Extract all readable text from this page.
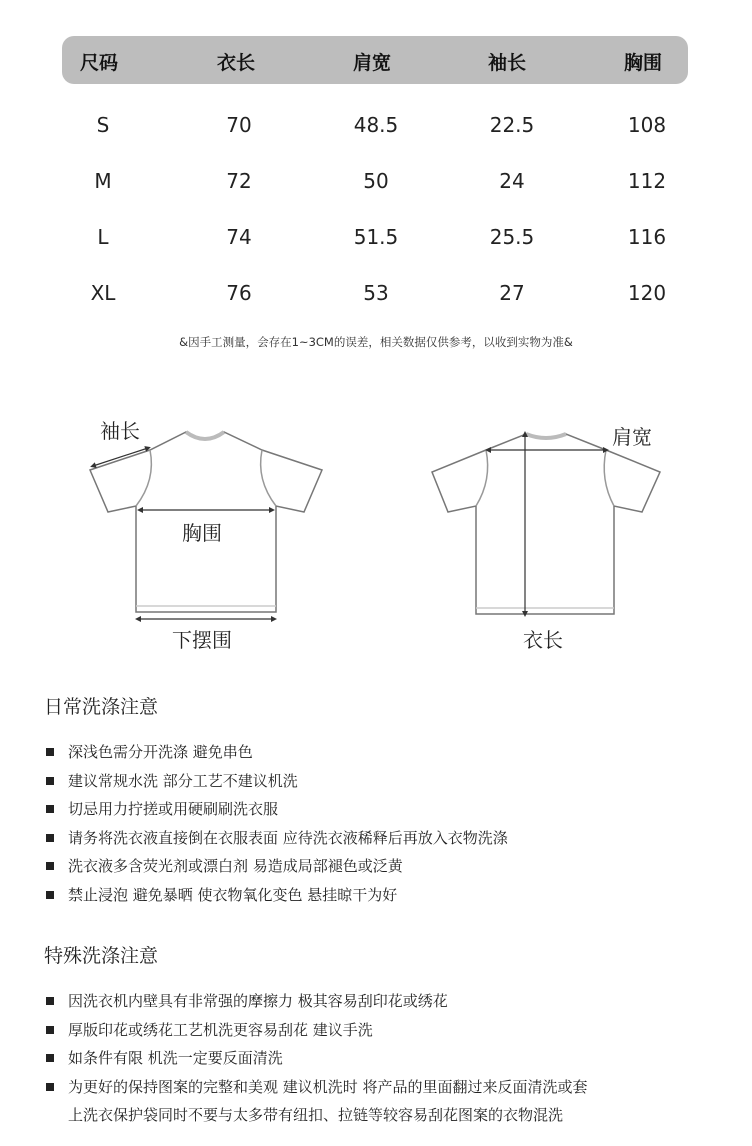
尺码	衣长	肩宽	袖长	胸围
S	70	48.5	22.5	108
M	72	50	24	112
L	74	51.5	25.5	116
XL	76	53	27	120
&因手工测量，会存在1~3CM的误差，相关数据仅供参考，以收到实物为准&
袖长
胸围
下摆围
肩宽
衣长
日常洗涤注意
深浅色需分开洗涤 避免串色
建议常规水洗 部分工艺不建议机洗
切忌用力拧搓或用硬刷刷洗衣服
请务将洗衣液直接倒在衣服表面 应待洗衣液稀释后再放入衣物洗涤
洗衣液多含荧光剂或漂白剂 易造成局部褪色或泛黄
禁止浸泡 避免暴晒 使衣物氧化变色 悬挂晾干为好
特殊洗涤注意
因洗衣机内壁具有非常强的摩擦力 极其容易刮印花或绣花
厚版印花或绣花工艺机洗更容易刮花 建议手洗
如条件有限 机洗一定要反面清洗
为更好的保持图案的完整和美观 建议机洗时 将产品的里面翻过来反面清洗或套
上洗衣保护袋同时不要与太多带有纽扣、拉链等较容易刮花图案的衣物混洗
